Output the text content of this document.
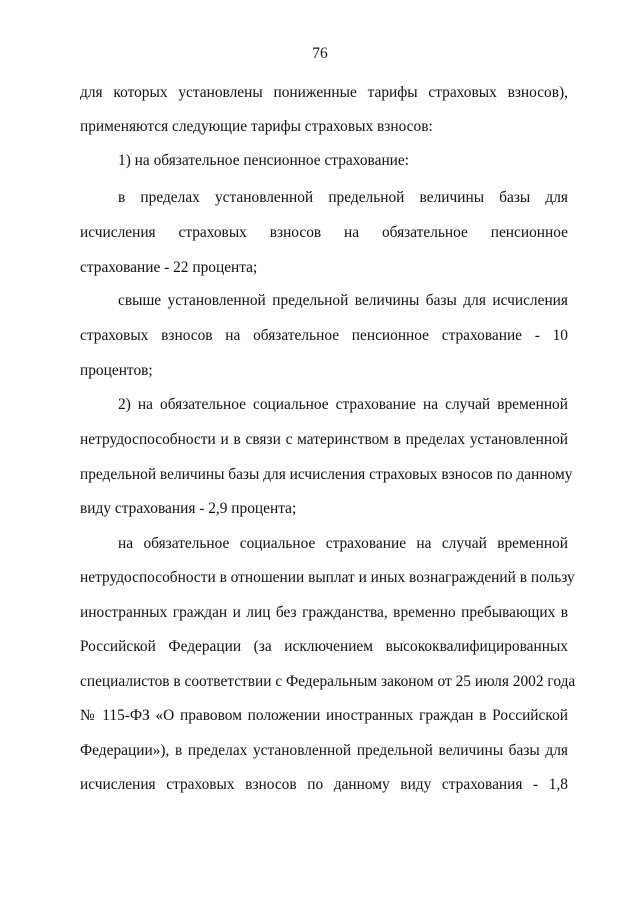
76
для которых установлены пониженные тарифы страховых взносов),
применяются следующие тарифы страховых взносов:
1) на обязательное пенсионное страхование:
в пределах установленной предельной величины базы для
исчисления страховых взносов на обязательное пенсионное
страхование - 22 процента;
свыше установленной предельной величины базы для исчисления
страховых взносов на обязательное пенсионное страхование - 10
процентов;
2) на обязательное социальное страхование на случай временной
нетрудоспособности и в связи с материнством в пределах установленной
предельной величины базы для исчисления страховых взносов по данному
виду страхования - 2,9 процента;
на обязательное социальное страхование на случай временной
нетрудоспособности в отношении выплат и иных вознаграждений в пользу
иностранных граждан и лиц без гражданства, временно пребывающих в
Российской Федерации (за исключением высококвалифицированных
специалистов в соответствии с Федеральным законом от 25 июля 2002 года
№ 115-ФЗ «О правовом положении иностранных граждан в Российской
Федерации»), в пределах установленной предельной величины базы для
исчисления страховых взносов по данному виду страхования - 1,8
